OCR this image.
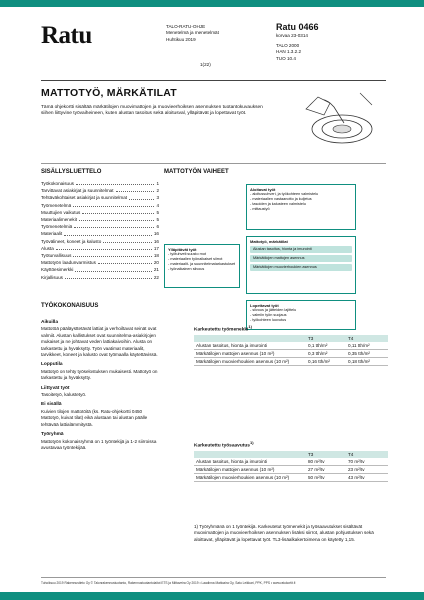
Ratu	TALO-RATU-OHJE
Menetelmä ja menetelmät
Huhtikuu 2019
1(22)
Ratu 0466
korvaa 23-0314
TALO 2000
HAN 1.3.2.2
TUO 10.4
MATTOTYÖ, MÄRKÄTILAT
Tämä ohjekortti sisältää märkätilojen muovimattojen ja muovieerhoiksen asennuksen tuotantokuvauksen siihen liittyvine työvaiheineen, kuten alustan tasoitus sekä aloitusval, ylläpitävät ja lopettavat työt.
SISÄLLYSLUETTELO
Työkokonaisuus	1
Tarvittavat asiakirjat ja suunnitelmat	2
Tehtäväkohtaiset asiakirjat ja suunnitelmat	3
Työmenetelmä	4
Muuttujien vaikutus	5
Materiaalimenekit	5
Työmenetelmiä	6
Materiaalit	16
Työvälineet, koneet ja kalusto	16
Alusta	17
Työturvallisuus	18
Mattotyön laadunvarmistus	20
Käyttöesimerkki	21
Kirjallisuus	22
TYÖKOKONAISUUS
Aikuilla

Mattotöä pääläysttetävät lattiat ja verhoiltavat seinät ovat valmiit. Alustan kallistukset ovat suunnitelma-asiakirjojen mukaiset ja ne johtavat veden lattiakaivoihin. Alusta on tarkastettu ja hyväksytty. Työn vaatimat materiaalit, tarvikkeet, koneet ja kalusto ovat työmaalla käytettävissä.

Lopputila

Mattotyö on tehty työselostuksen mukaisesti. Mattotyö on tarkastettu ja hyväksytty.

Liittyvät työt

Tasoitetyö, kalustetyö.

Ei sisällä

Kuivien tilojen mattotöitä (ks. Ratu-ohjekortti 0450 Mattotyö, kuivat tilat) eikä alustaan tai alustan päälle tehtävää lattialämmitystä.

Työryhmä

Mattotyön kokonaisryhmä on 1 työntekijä ja 1-2 siirroissa avustavaa työntekijää.

MATTOTYÖN VAIHEET
Aloitavat työt
- aloitussuhveri, ja työkohteen valmistelu
- materiaalien vastaanotto ja kuljetus
- tasoiden ja kalusteen valmistelu
- mittaustyö
Mattotyö, märkätilat
Alustan tasoitus, hionta ja imurointi
Märkätilojen mattojen asennus
Märkätilojen muovierhoukien asennus
Ylläpitävät työt
- työtuhveli:suusto mot
- materiaalien työnaikaiset siirrot
- materiaalit- ja suunnitelmatarkastukset
- työnaikainen siivous
Lopettavat työt
- siivous ja jätteiden lajittelu
- valmiin työn suojaus
- työkohteen luovutus
Karkeutettu työmenekki$^{1)}$
T3	T4
Alustan tasoitus, hionta ja imurointi	0,1 tth/m²	0,11 tth/m²
Märkätilojen mattojen asennus (10 m²)	0,3 tth/m²	0,35 tth/m²
Märkätilojen muovierhoukien asennus (10 m²)	0,16 tth/m²	0,18 tth/m²
Karkeutettu työsaavutus$^{1)}$
T3	T4
Alustan tasoitus, hionta ja imurointi	80 m²/tv	70 m²/tv
Märkätilojen mattojen asennus (10 m²)	27 m²/tv	23 m²/tv
Märkätilojen muovierhoukien asennus (10 m²)	50 m²/tv	43 m²/tv
1) Työryhmänä on 1 työntekijä. Karkeutetut työmenekit ja työsaavutukset sisältävät muovimattojen ja muovieerhoiksen asennuksen lisäksi siirrot, alustan pohjustuksen sekä aloittavat, ylläpitävät ja lopettavat työt. TL3-lisäalkakertoimena on käytetty 1,15.
Tuhoiksuu 2019 Rakennustieto Oy © Talonrakennustuotanto, Rakennustuotantolaitot ETS ja Mittaveira Oy 2019 • Laadinna Mattoaira Oy, Satu Leikkari, PPK, PPS • www.ratukortit.fi
